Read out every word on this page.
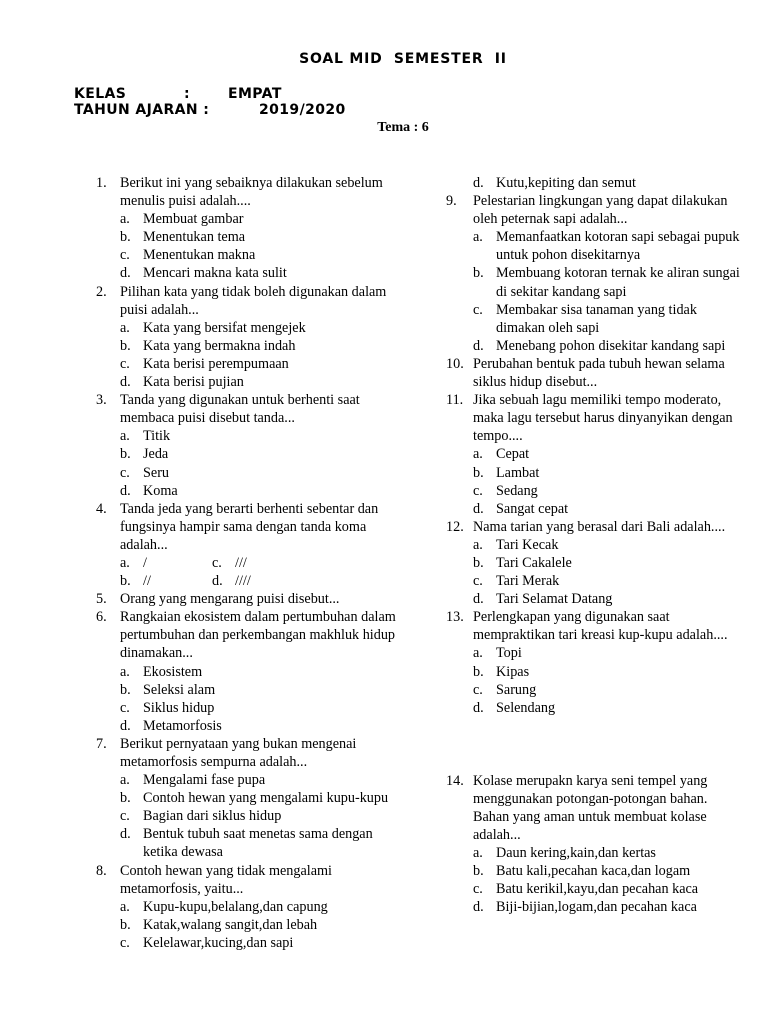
SOAL MID  SEMESTER  II
KELAS	:	EMPAT
TAHUN AJARAN :	2019/2020
Tema : 6
1. Berikut ini yang sebaiknya dilakukan sebelum menulis puisi adalah....
a. Membuat gambar
b. Menentukan tema
c. Menentukan makna
d. Mencari makna kata sulit
2. Pilihan kata yang tidak boleh digunakan dalam puisi adalah...
a. Kata yang bersifat mengejek
b. Kata yang bermakna indah
c. Kata berisi perempumaan
d. Kata berisi pujian
3. Tanda yang digunakan untuk berhenti saat membaca puisi disebut tanda...
a. Titik
b. Jeda
c. Seru
d. Koma
4. Tanda jeda yang berarti berhenti sebentar dan fungsinya hampir sama dengan tanda koma adalah...
a. /	c. ///
b. //	d. ////
5. Orang yang mengarang puisi disebut...
6. Rangkaian ekosistem dalam pertumbuhan dalam pertumbuhan dan perkembangan makhluk hidup dinamakan...
a. Ekosistem
b. Seleksi alam
c. Siklus hidup
d. Metamorfosis
7. Berikut pernyataan yang bukan mengenai metamorfosis sempurna adalah...
a. Mengalami fase pupa
b. Contoh hewan yang mengalami kupu-kupu
c. Bagian dari siklus hidup
d. Bentuk tubuh saat menetas sama dengan ketika dewasa
8. Contoh hewan yang tidak mengalami metamorfosis, yaitu...
a. Kupu-kupu,belalang,dan capung
b. Katak,walang sangit,dan lebah
c. Kelelawar,kucing,dan sapi
d. Kutu,kepiting dan semut
9. Pelestarian lingkungan yang dapat dilakukan oleh peternak sapi adalah...
a. Memanfaatkan kotoran sapi sebagai pupuk untuk pohon disekitarnya
b. Membuang kotoran ternak ke aliran sungai di sekitar kandang sapi
c. Membakar sisa tanaman yang tidak dimakan oleh sapi
d. Menebang pohon disekitar kandang sapi
10. Perubahan bentuk pada tubuh hewan selama siklus hidup disebut...
11. Jika sebuah lagu memiliki tempo moderato, maka lagu tersebut harus dinyanyikan dengan tempo....
a. Cepat
b. Lambat
c. Sedang
d. Sangat cepat
12. Nama tarian yang berasal dari Bali adalah....
a. Tari Kecak
b. Tari Cakalele
c. Tari Merak
d. Tari Selamat Datang
13. Perlengkapan yang digunakan saat mempraktikan tari kreasi kup-kupu adalah....
a. Topi
b. Kipas
c. Sarung
d. Selendang
14. Kolase merupakn karya seni tempel yang menggunakan potongan-potongan bahan. Bahan yang aman untuk membuat kolase adalah...
a. Daun kering,kain,dan kertas
b. Batu kali,pecahan kaca,dan logam
c. Batu kerikil,kayu,dan pecahan kaca
d. Biji-bijian,logam,dan pecahan kaca
